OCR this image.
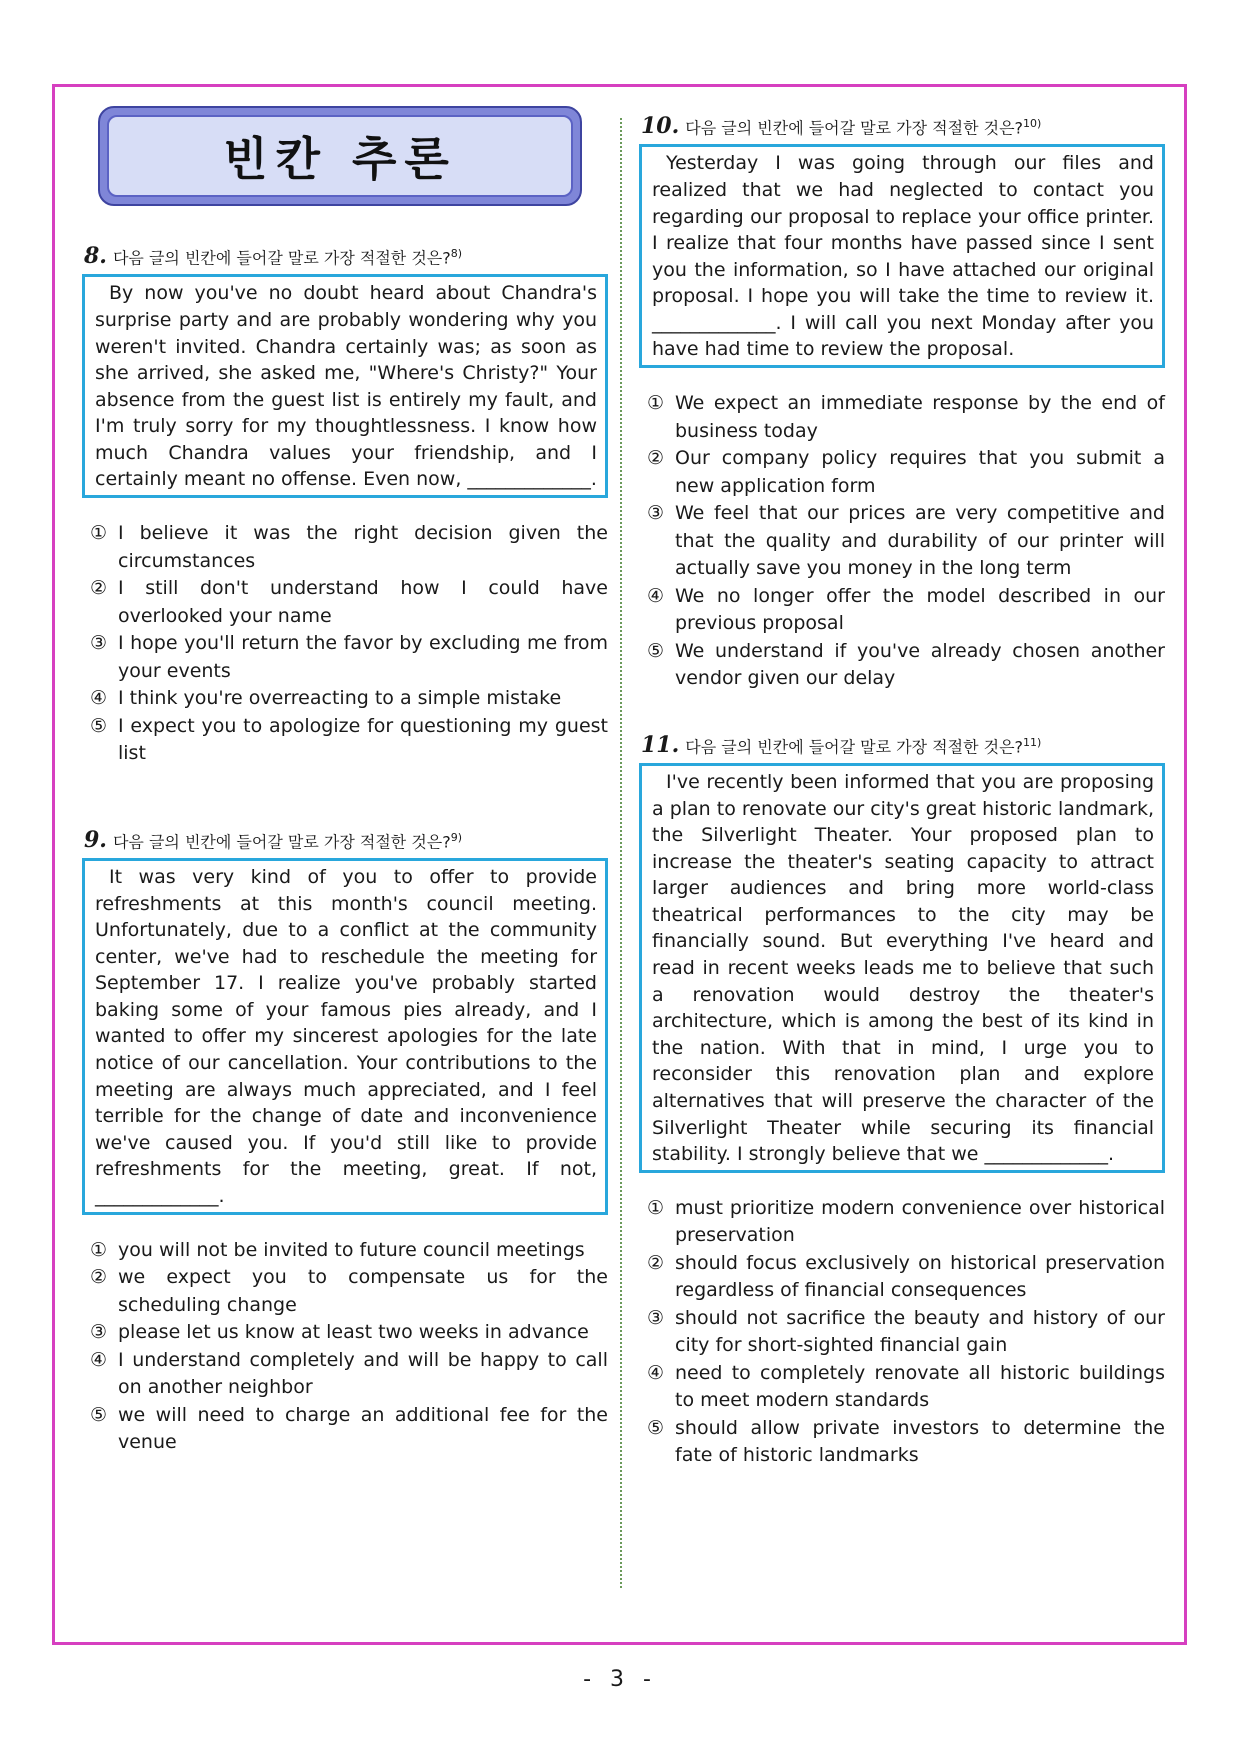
빈칸 추론
8. 다음 글의 빈칸에 들어갈 말로 가장 적절한 것은?$^{8)}$
By now you've no doubt heard about Chandra's surprise party and are probably wondering why you weren't invited. Chandra certainly was; as soon as she arrived, she asked me, "Where's Christy?" Your absence from the guest list is entirely my fault, and I'm truly sorry for my thoughtlessness. I know how much Chandra values your friendship, and I certainly meant no offense. Even now, _____________.
① I believe it was the right decision given the circumstances
② I still don't understand how I could have overlooked your name
③ I hope you'll return the favor by excluding me from your events
④ I think you're overreacting to a simple mistake
⑤ I expect you to apologize for questioning my guest list
9. 다음 글의 빈칸에 들어갈 말로 가장 적절한 것은?$^{9)}$
It was very kind of you to offer to provide refreshments at this month's council meeting. Unfortunately, due to a conflict at the community center, we've had to reschedule the meeting for September 17. I realize you've probably started baking some of your famous pies already, and I wanted to offer my sincerest apologies for the late notice of our cancellation. Your contributions to the meeting are always much appreciated, and I feel terrible for the change of date and inconvenience we've caused you. If you'd still like to provide refreshments for the meeting, great. If not, _____________.
① you will not be invited to future council meetings
② we expect you to compensate us for the scheduling change
③ please let us know at least two weeks in advance
④ I understand completely and will be happy to call on another neighbor
⑤ we will need to charge an additional fee for the venue
10. 다음 글의 빈칸에 들어갈 말로 가장 적절한 것은?$^{10)}$
Yesterday I was going through our files and realized that we had neglected to contact you regarding our proposal to replace your office printer. I realize that four months have passed since I sent you the information, so I have attached our original proposal. I hope you will take the time to review it. _____________. I will call you next Monday after you have had time to review the proposal.
① We expect an immediate response by the end of business today
② Our company policy requires that you submit a new application form
③ We feel that our prices are very competitive and that the quality and durability of our printer will actually save you money in the long term
④ We no longer offer the model described in our previous proposal
⑤ We understand if you've already chosen another vendor given our delay
11. 다음 글의 빈칸에 들어갈 말로 가장 적절한 것은?$^{11)}$
I've recently been informed that you are proposing a plan to renovate our city's great historic landmark, the Silverlight Theater. Your proposed plan to increase the theater's seating capacity to attract larger audiences and bring more world-class theatrical performances to the city may be financially sound. But everything I've heard and read in recent weeks leads me to believe that such a renovation would destroy the theater's architecture, which is among the best of its kind in the nation. With that in mind, I urge you to reconsider this renovation plan and explore alternatives that will preserve the character of the Silverlight Theater while securing its financial stability. I strongly believe that we _____________.
① must prioritize modern convenience over historical preservation
② should focus exclusively on historical preservation regardless of financial consequences
③ should not sacrifice the beauty and history of our city for short-sighted financial gain
④ need to completely renovate all historic buildings to meet modern standards
⑤ should allow private investors to determine the fate of historic landmarks
- 3 -
